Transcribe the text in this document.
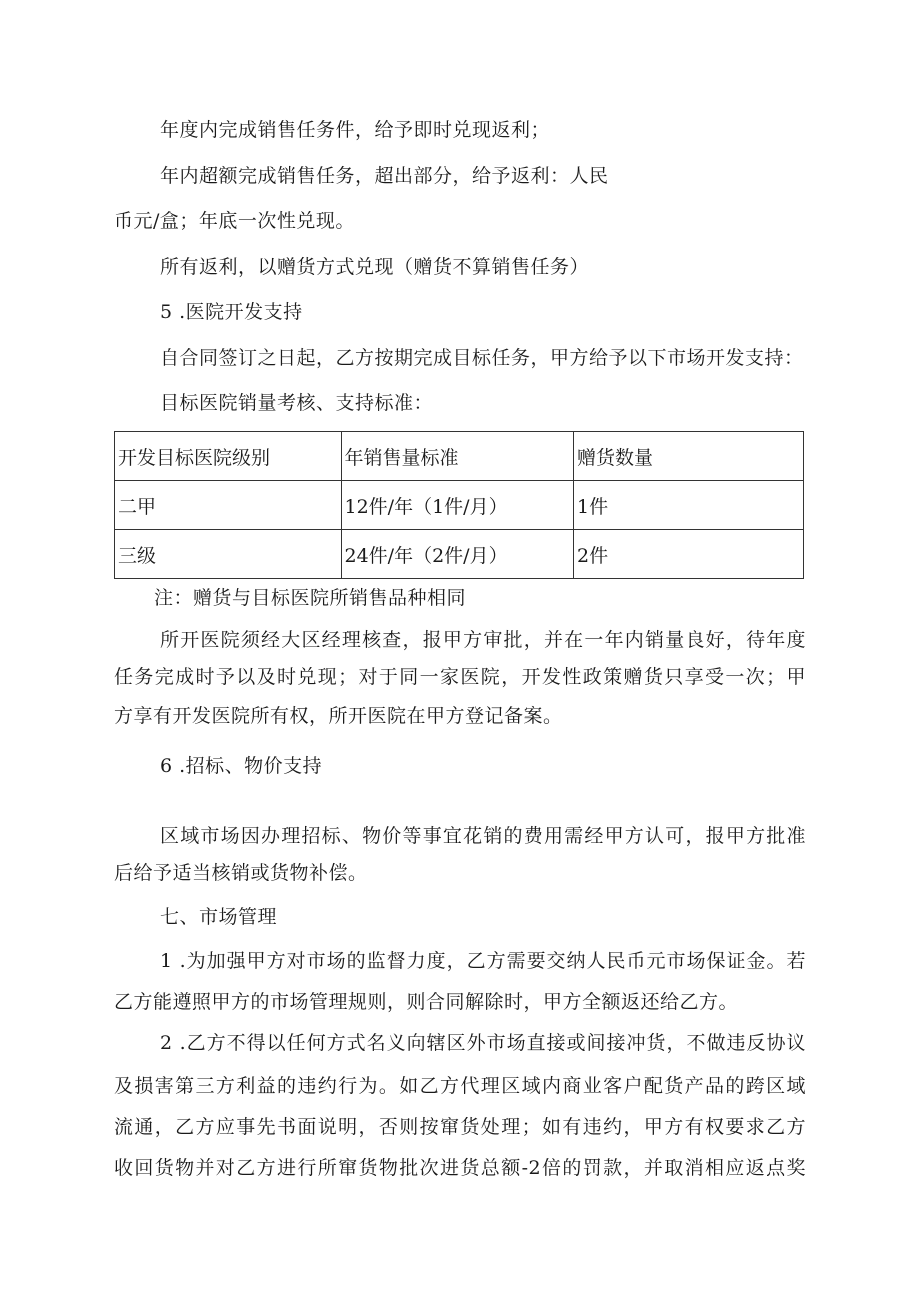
年度内完成销售任务件，给予即时兑现返利；
年内超额完成销售任务，超出部分，给予返利：人民
币元/盒；年底一次性兑现。
所有返利，以赠货方式兑现（赠货不算销售任务）
5 .医院开发支持
自合同签订之日起，乙方按期完成目标任务，甲方给予以下市场开发支持：
目标医院销量考核、支持标准：
开发目标医院级别	年销售量标准	赠货数量
二甲	12件/年（1件/月）	1件
三级	24件/年（2件/月）	2件
注：赠货与目标医院所销售品种相同
所开医院须经大区经理核查，报甲方审批，并在一年内销量良好，待年度
任务完成时予以及时兑现；对于同一家医院，开发性政策赠货只享受一次；甲
方享有开发医院所有权，所开医院在甲方登记备案。
6 .招标、物价支持
区域市场因办理招标、物价等事宜花销的费用需经甲方认可，报甲方批准
后给予适当核销或货物补偿。
七、市场管理
1 .为加强甲方对市场的监督力度，乙方需要交纳人民币元市场保证金。若
乙方能遵照甲方的市场管理规则，则合同解除时，甲方全额返还给乙方。
2 .乙方不得以任何方式名义向辖区外市场直接或间接冲货，不做违反协议
及损害第三方利益的违约行为。如乙方代理区域内商业客户配货产品的跨区域
流通，乙方应事先书面说明，否则按窜货处理；如有违约，甲方有权要求乙方
收回货物并对乙方进行所窜货物批次进货总额-2倍的罚款，并取消相应返点奖
